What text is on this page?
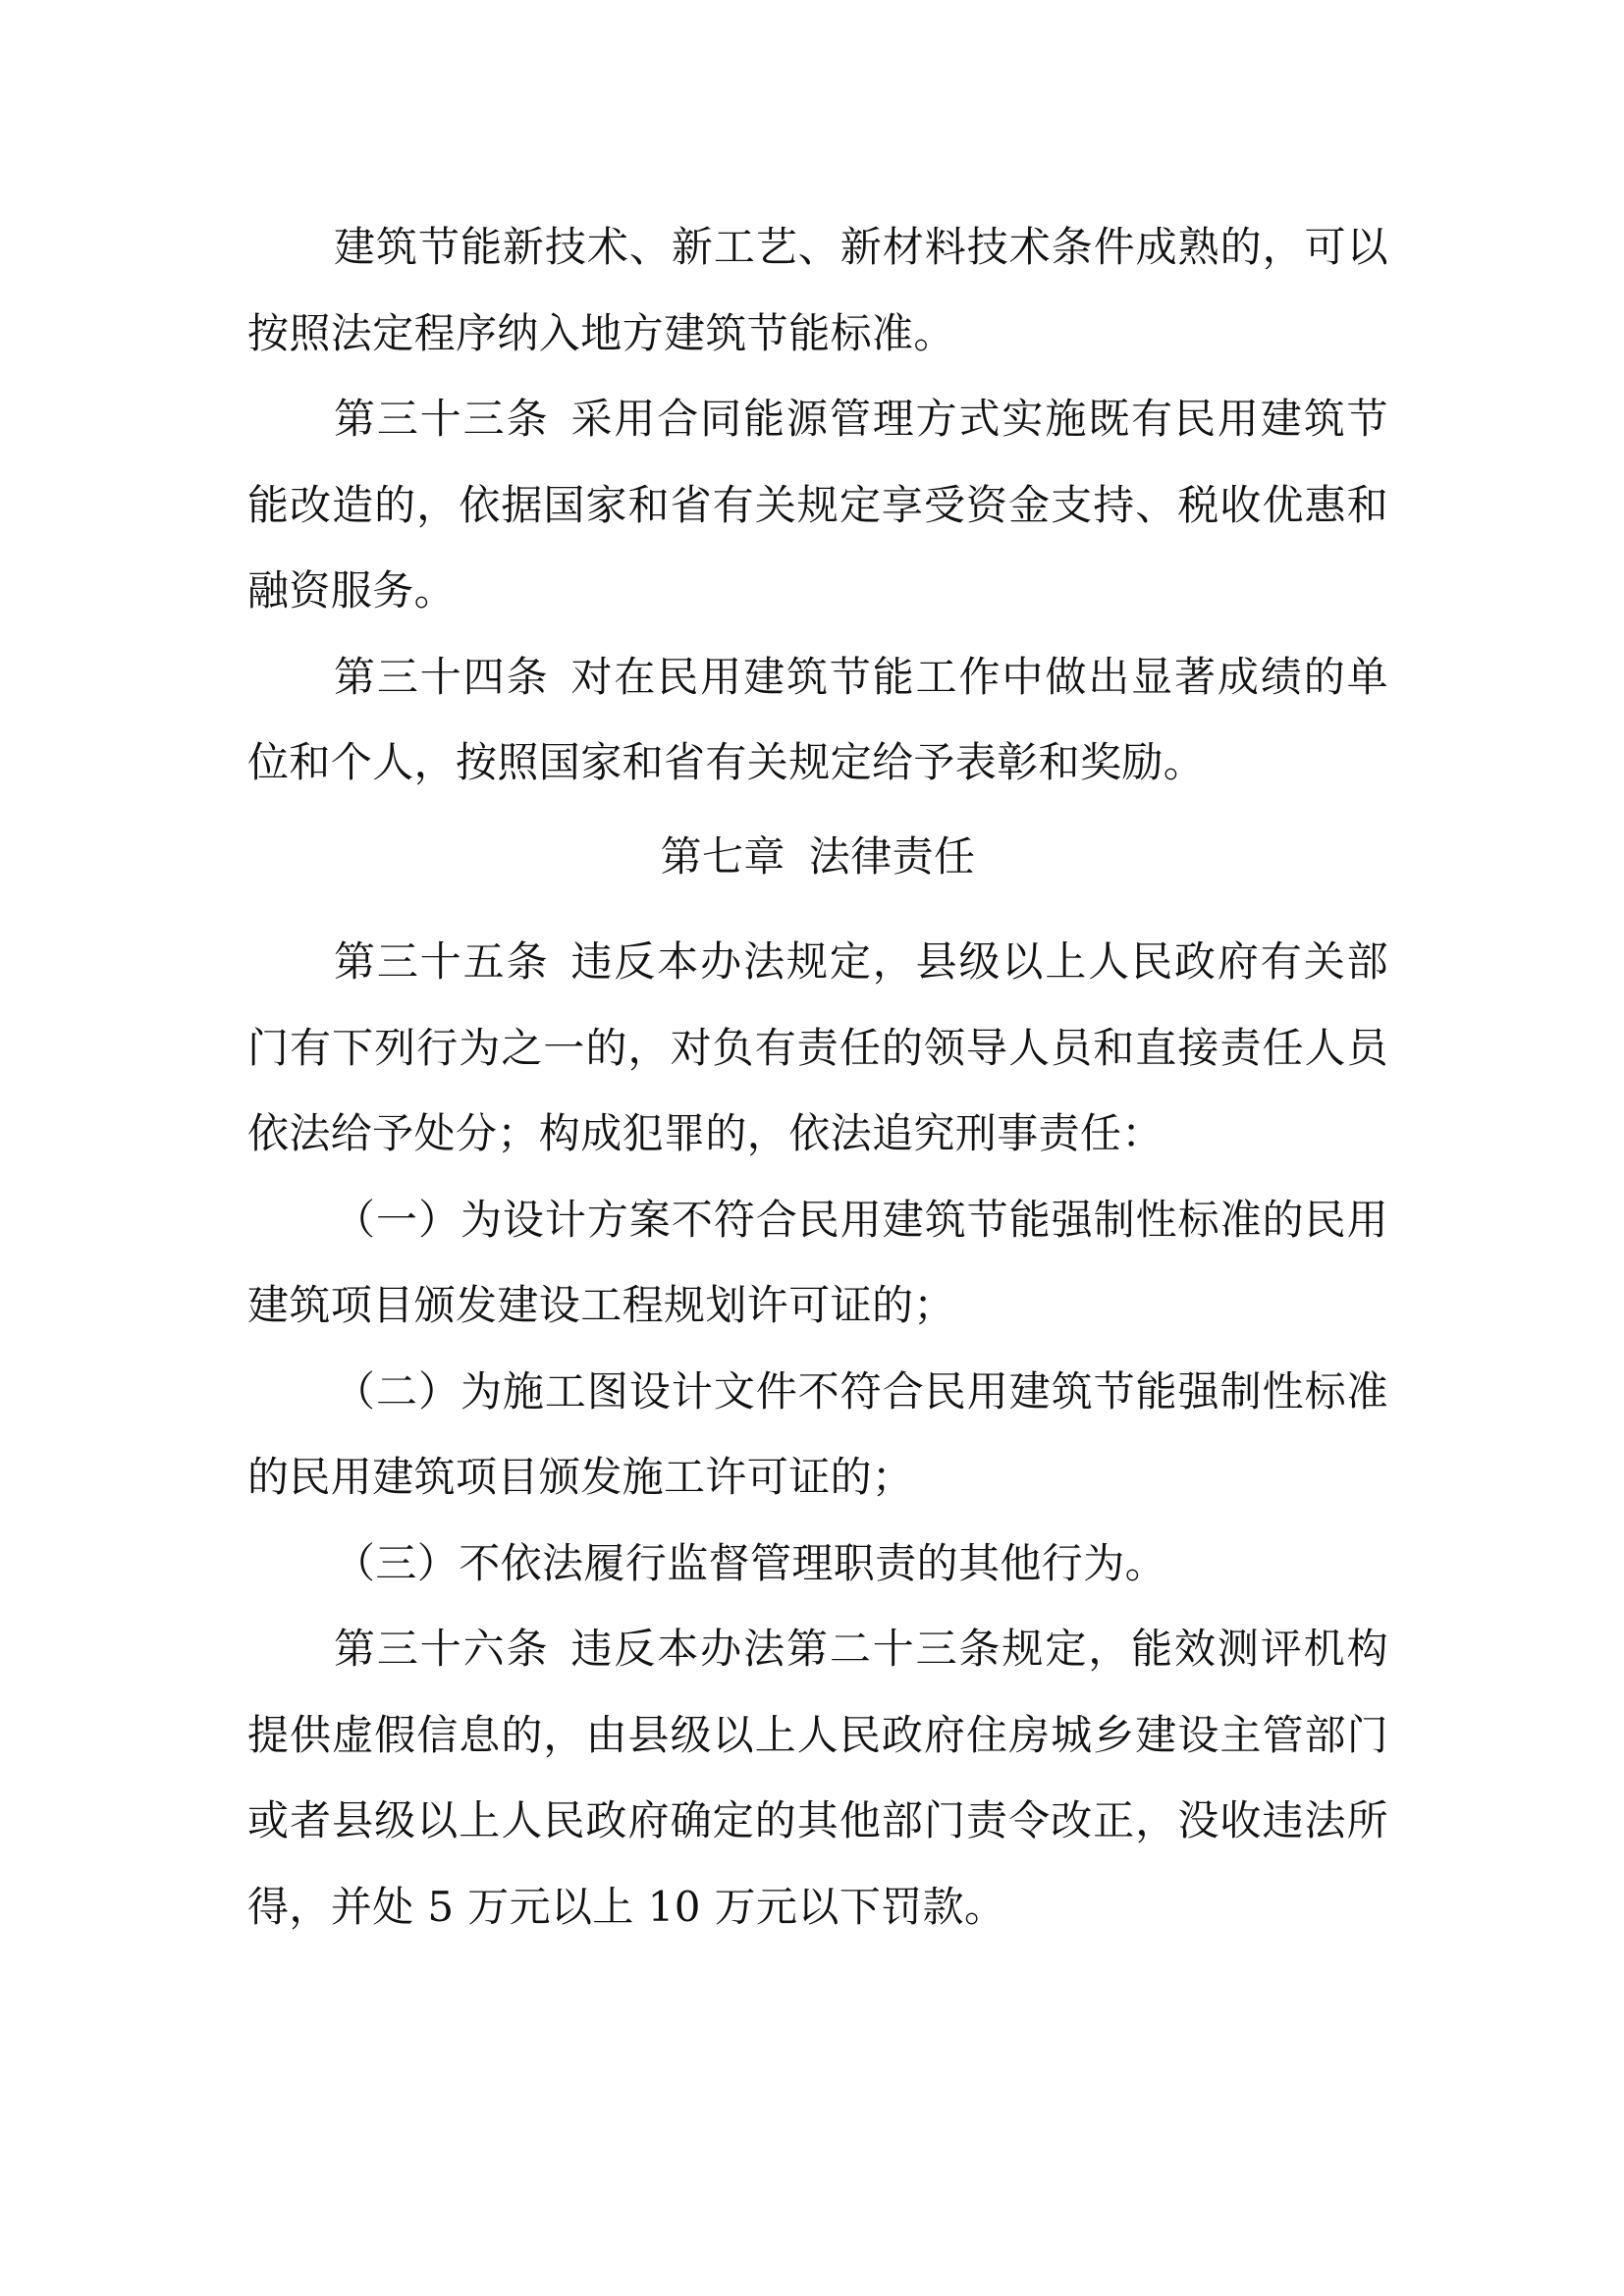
建筑节能新技术、新工艺、新材料技术条件成熟的，可以按照法定程序纳入地方建筑节能标准。

第三十三条 采用合同能源管理方式实施既有民用建筑节能改造的，依据国家和省有关规定享受资金支持、税收优惠和融资服务。

第三十四条 对在民用建筑节能工作中做出显著成绩的单位和个人，按照国家和省有关规定给予表彰和奖励。

第七章 法律责任

第三十五条 违反本办法规定，县级以上人民政府有关部门有下列行为之一的，对负有责任的领导人员和直接责任人员依法给予处分；构成犯罪的，依法追究刑事责任：

（一）为设计方案不符合民用建筑节能强制性标准的民用建筑项目颁发建设工程规划许可证的；

（二）为施工图设计文件不符合民用建筑节能强制性标准的民用建筑项目颁发施工许可证的；

（三）不依法履行监督管理职责的其他行为。

第三十六条 违反本办法第二十三条规定，能效测评机构提供虚假信息的，由县级以上人民政府住房城乡建设主管部门或者县级以上人民政府确定的其他部门责令改正，没收违法所得，并处 5 万元以上 10 万元以下罚款。
